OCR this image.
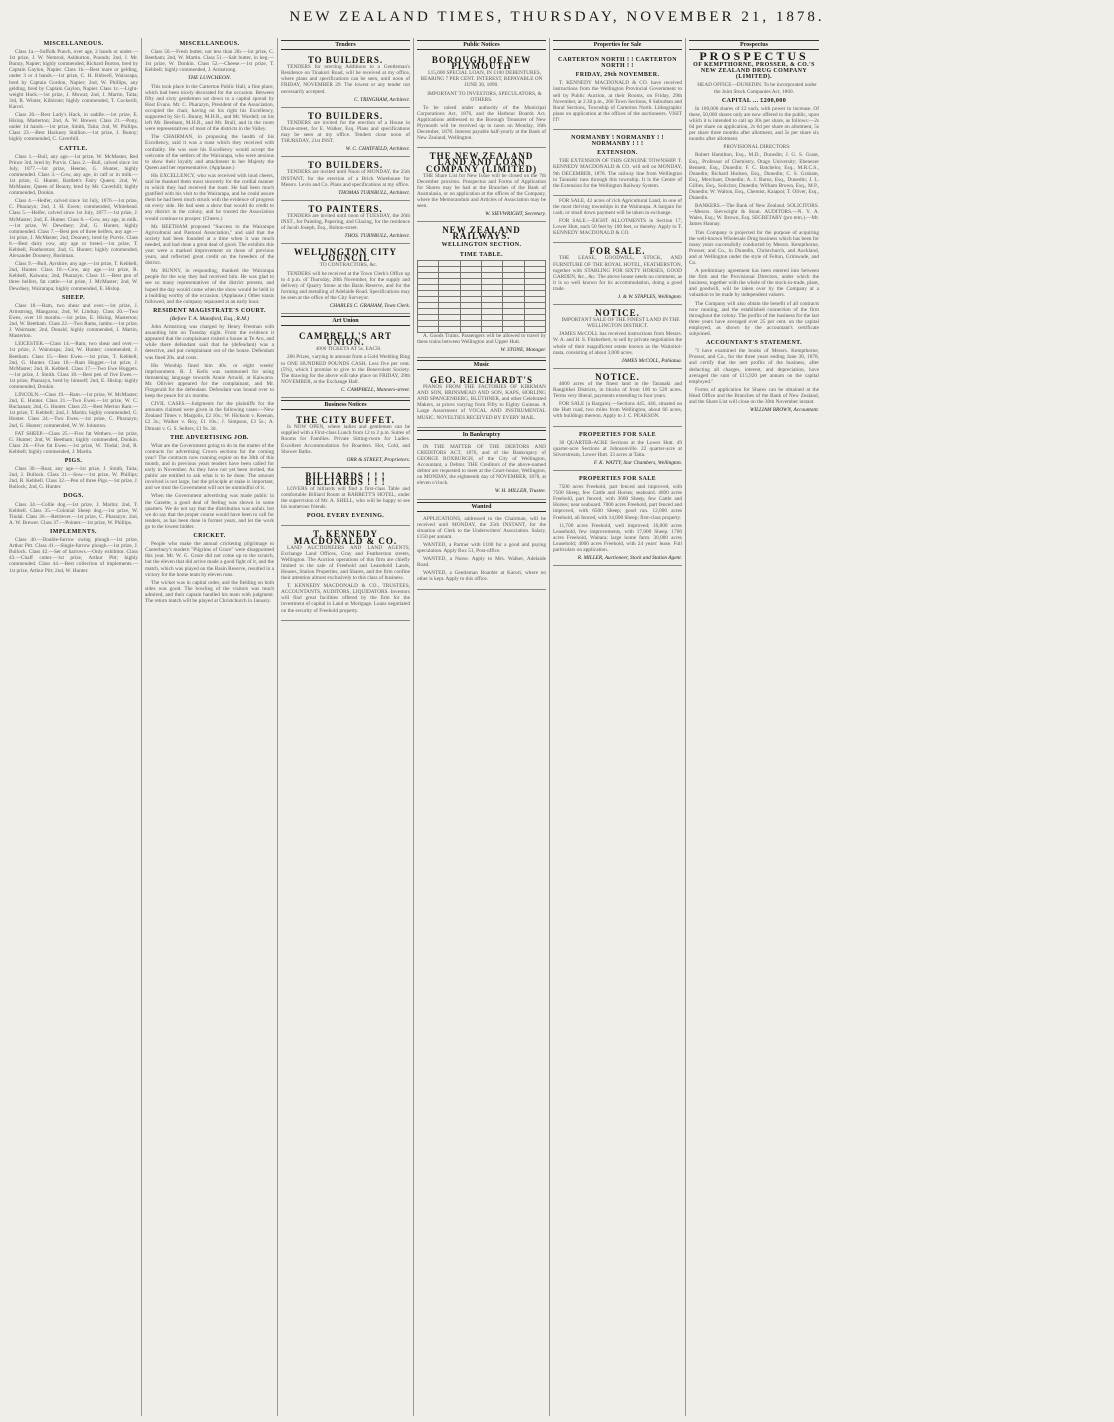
NEW ZEALAND TIMES, THURSDAY, NOVEMBER 21, 1878.
MISCELLANEOUS.

Class 1a.—Suffolk Punch, over age, 2 hands or under.—1st prize, J. W. Nemrod, Ashburton, Pounds; 2nd, J. Mr. Bunny, Napier; highly commended, Richard Burton, bred by Captain Gaylon, Napier. Class 1b.—Best mare or gelding, under 3 or 4 hands.—1st prize, C. H. Bidwell, Wairarapa, bred by Captain Gordon, Napier; 2nd, W. Phillips, any gelding, bred by Captain Gaylon, Napier. Class 1c.—Light-weight Hack.—1st prize, J. Mowat; 2nd, J. Martin, Taita; 3rd, R. Winter, Kilbirnie; highly commended, T. Cockerill, Karori.

Class 20.—Best Lady's Hack, in saddle.—1st prize, E. Hislop, Masterton; 2nd, A. W. Brewer. Class 21.—Pony, under 14 hands.—1st prize, Smith, Taita; 2nd, W. Phillips. Class 23.—Best Hackney Stallion.—1st prize, J. Bunny; highly commended, C. Caverhill.

CATTLE.

Class 1.—Bull, any age.—1st prize, W. McMaster, Red Prince 3rd, bred by Purvis. Class 2.—Bull, calved since 1st July, 1877.—1st prize, Heeme, G. Hunter, highly commended. Class 3.—Cow, any age, in calf or in milk.—1st prize, G. Hunter, Bartlett's Fairy Queen; 2nd, W. McMaster, Queen of Beauty, bred by Mr. Caverhill; highly commended, Donkin.

Class 4.—Heifer, calved since 1st July, 1876.—1st prize, C. Pharazyn; 2nd, J. H. Ewen; commended, Whitehead. Class 5.—Heifer, calved since 1st July, 1877.—1st prize, J. McMaster; 2nd, E. Hunter. Class 6.—Cow, any age, in milk.—1st prize, W. Dewdney; 2nd, G. Hunter, highly commended. Class 7.—Best pen of three heifers, any age.—1st prize, J. McMaster; 2nd, Doonery, bred by Purvis. Class 8.—Best dairy cow, any age or breed.—1st prize, T. Kebbell, Featherston; 2nd, G. Hunter; highly commended, Alexander Doonery, Bushman.

Class 9.—Bull, Ayrshire, any age.—1st prize, T. Kebbell; 2nd, Hunter. Class 10.—Cow, any age.—1st prize, R. Kebbell, Kaiwara; 2nd, Pharazyn. Class 11.—Best pen of three heifers, fat cattle.—1st prize, J. McMaster; 2nd, W. Dewdney, Wairarapa; highly commended, E. Hislop.

SHEEP.

Class 18.—Ram, two shear and over.—1st prize, J. Armstrong, Mangaroa; 2nd, W. Lindsay. Class 20.—Two Ewes, over 18 months.—1st prize, E. Hislop, Masterton; 2nd, W. Beetham. Class 22.—Two Rams, lambs.—1st prize, J. Wairmate; 2nd, Donald, highly commended, J. Martin, Masterton.

LEICESTER.—Class 14.—Ram, two shear and over.—1st prize, J. Wairarapa; 2nd, W. Hunter; commended, J. Beetham. Class 15.—Best Ewes.—1st prize, T. Kebbell; 2nd, G. Hunter. Class 16.—Ram Hogget.—1st prize, J. McMaster; 2nd, R. Kebbell. Class 17.—Two Ewe Hoggets.—1st prize, J. Smith. Class 18.—Best pen of five Ewes.—1st prize, Pharazyn, bred by himself; 2nd, E. Hislop; highly commended, Donkin.

LINCOLN.—Class 19.—Ram.—1st prize, W. McMaster; 2nd, E. Hunter. Class 21.—Two Ewes.—1st prize, W. C. Buchanan; 2nd, G. Hunter. Class 23.—Best Merino Ram.—1st prize, T. Kebbell; 2nd, J. Martin; highly commended, G. Hunter. Class 24.—Two Ewes.—1st prize, C. Pharazyn; 2nd, G. Hunter; commended, W. W. Johnston.

FAT SHEEP.—Class 25.—Five fat Wethers.—1st prize, G. Hunter; 2nd, W. Beetham; highly commended, Donkin. Class 26.—Five fat Ewes.—1st prize, W. Tindal; 2nd, R. Kebbell; highly commended, J. Martin.

PIGS.

Class 30.—Boar, any age.—1st prize, J. Smith, Taita; 2nd, J. Bullock. Class 31.—Sow.—1st prize, W. Phillips; 2nd, R. Kebbell. Class 32.—Pen of three Pigs.—1st prize, J. Bullock; 2nd, G. Hunter.

DOGS.

Class 34.—Collie dog.—1st prize, J. Martin; 2nd, T. Kebbell. Class 35.—Colonial Sheep dog.—1st prize, W. Tindal. Class 36.—Retriever.—1st prize, C. Pharazyn; 2nd, A. W. Brewer. Class 37.—Pointer.—1st prize, W. Phillips.

IMPLEMENTS.

Class 40.—Double-furrow swing plough.—1st prize, Arthur Pitt. Class 41.—Single-furrow plough.—1st prize, J. Bullock. Class 42.—Set of harrows.—Only exhibitor. Class 43.—Chaff cutter.—1st prize, Arthur Pitt; highly commended. Class 44.—Best collection of implements.—1st prize, Arthur Pitt; 2nd, W. Hunter.

MISCELLANEOUS.

Class 50.—Fresh butter, not less than 2lb.—1st prize, C. Beetham; 2nd, W. Martin. Class 51.—Salt butter, in keg.—1st prize, W. Donkin. Class 52.—Cheese.—1st prize, T. Kebbell; highly commended, J. Armstrong.

THE LUNCHEON.

This took place in the Carterton Public Hall, a fine place, which had been nicely decorated for the occasion. Between fifty and sixty gentlemen sat down to a capital spread by Host Evans. Mr. C. Pharazyn, President of the Association, occupied the chair, having on his right his Excellency, supported by Sir G. Bunny, M.H.R., and Mr. Wardell; on his left Mr. Beetham, M.H.R., and Mr. Brall, and in the room were representatives of most of the districts in the Valley.

The CHAIRMAN, in proposing the health of his Excellency, said it was a toast which they received with cordiality. He was sure his Excellency would accept the welcome of the settlers of the Wairarapa, who were anxious to show their loyalty and attachment to her Majesty the Queen and her representative. (Applause.)

His EXCELLENCY, who was received with loud cheers, said he thanked them most sincerely for the cordial manner in which they had received the toast. He had been much gratified with his visit to the Wairarapa, and he could assure them he had been much struck with the evidence of progress on every side. He had seen a show that would do credit to any district in the colony, and he trusted the Association would continue to prosper. (Cheers.)

Mr. BEETHAM proposed "Success to the Wairarapa Agricultural and Pastoral Association," and said that the society had been founded at a time when it was much needed, and had done a great deal of good. The exhibits this year were a marked improvement on those of previous years, and reflected great credit on the breeders of the district.

Mr. BUNNY, in responding, thanked the Wairarapa people for the way they had received him. He was glad to see so many representatives of the district present, and hoped the day would come when the show would be held in a building worthy of the occasion. (Applause.) Other toasts followed, and the company separated at an early hour.

RESIDENT MAGISTRATE'S COURT.
(Before T. A. Mansford, Esq., R.M.)

John Armstrong was charged by Henry Freeman with assaulting him on Tuesday night. From the evidence it appeared that the complainant visited a house at Te Aro, and while there defendant said that he (defendant) was a detective, and put complainant out of the house. Defendant was fined 20s. and costs.

His Worship fined him 40s. or eight weeks' imprisonment. R. J. Kells was summoned for using threatening language towards Annie Arnold, at Kaiwarra. Mr. Ollivier appeared for the complainant, and Mr. Fitzgerald for the defendant. Defendant was bound over to keep the peace for six months.

CIVIL CASES.—Judgments for the plaintiffs for the amounts claimed were given in the following cases:—New Zealand Times v. Margolis, £2 16s.; W. Hickson v. Keenan, £2 3s.; Walker v. Roy, £1 10s.; J. Simpson, £3 5s.; A. Dimant v. G. S. Sellers, £1 9s. 3d.

THE ADVERTISING JOB.

What are the Government going to do in the matter of the contracts for advertising Crown sections for the coming year? The contracts now running expire on the 30th of this month, and in previous years tenders have been called for early in November. As they have not yet been invited, the public are entitled to ask what is to be done. The amount involved is not large, but the principle at stake is important, and we trust the Government will not be unmindful of it.

When the Government advertising was made public in the Gazette, a good deal of feeling was shown in some quarters. We do not say that the distribution was unfair, but we do say that the proper course would have been to call for tenders, as has been done in former years, and let the work go to the lowest bidder.

CRICKET.

People who make the annual cricketing pilgrimage to Canterbury's modern "Pilgrims of Grace" were disappointed this year. Mr. W. G. Grace did not come up to the scratch, but the eleven that did arrive made a good fight of it, and the match, which was played on the Basin Reserve, resulted in a victory for the home team by eleven runs.

The wicket was in capital order, and the fielding on both sides was good. The bowling of the visitors was much admired, and their captain handled his team with judgment. The return match will be played at Christchurch in January.

Tenders
TO BUILDERS.

TENDERS for erecting Additions to a Gentleman's Residence on Tinakori Road, will be received at my office, where plans and specifications can be seen, until noon of FRIDAY, NOVEMBER 29. The lowest or any tender not necessarily accepted.

C. TRINGHAM, Architect.
TO BUILDERS.

TENDERS are invited for the erection of a House in Dixon-street, for E. Walker, Esq. Plans and specifications may be seen at my office. Tenders close noon of THURSDAY, 21st INST.

W. C. CHATFIELD, Architect.
TO BUILDERS.

TENDERS are invited until Noon of MONDAY, the 25th INSTANT, for the erection of a Brick Warehouse for Messrs. Levin and Co. Plans and specifications at my office.

THOMAS TURNBULL, Architect.
TO PAINTERS.

TENDERS are invited until noon of TUESDAY, the 26th INST., for Painting, Papering, and Glazing, for the residence of Jacob Joseph, Esq., Bolton-street.

THOS. TURNBULL, Architect.
WELLINGTON CITY COUNCIL

TO CONTRACTORS, &c.

TENDERS will be received at the Town Clerk's Office up to 4 p.m. of Thursday, 28th November, for the supply and delivery of Quarry Stone at the Basin Reserve, and for the forming and metalling of Adelaide Road. Specifications may be seen at the office of the City Surveyor.

CHARLES C. GRAHAM, Town Clerk.
Art Union
CAMPBELL'S ART UNION.

4000 TICKETS AT 5s. EACH.

266 Prizes, varying in amount from a Gold Wedding Ring to ONE HUNDRED POUNDS CASH. Less five per cent. (5%), which I promise to give to the Benevolent Society. The drawing for the above will take place on FRIDAY, 29th NOVEMBER, at the Exchange Hall.

C. CAMPBELL, Manners-street.
Business Notices
THE CITY BUFFET.

Is NOW OPEN, where ladies and gentlemen can be supplied with a First-class Lunch from 12 to 2 p.m. Suites of Rooms for Families. Private Sitting-room for Ladies. Excellent Accommodation for Boarders. Hot, Cold, and Shower Baths.

ORR & STREET, Proprietors.
BILLIARDS ! ! ! BILLIARDS ! ! !

LOVERS of billiards will find a first-class Table and comfortable Billiard Room at BARRETT'S HOTEL, under the supervision of Mr. A. SHELL, who will be happy to see his numerous friends.

POOL EVERY EVENING.
T. KENNEDY MACDONALD & CO.

LAND AUCTIONEERS AND LAND AGENTS, Exchange Land Offices, Gray and Featherston streets, Wellington. The Auction operations of this firm are chiefly limited to the sale of Freehold and Leasehold Lands, Houses, Station Properties, and Shares, and the firm confine their attention almost exclusively to this class of business.

T. KENNEDY MACDONALD & CO., TRUSTEES, ACCOUNTANTS, AUDITORS, LIQUIDATORS. Investors will find great facilities offered by the firm for the investment of capital in Land or Mortgage. Loans negotiated on the security of Freehold property.

Public Notices
BOROUGH OF NEW PLYMOUTH

£15,000 SPECIAL LOAN, IN £100 DEBENTURES, BEARING 7 PER CENT. INTEREST, REPAYABLE ON JUNE 30, 1890.

IMPORTANT TO INVESTORS, SPECULATORS, & OTHERS.

To be raised under authority of the Municipal Corporations Act, 1876, and the Harbour Boards Act. Applications addressed to the Borough Treasurer of New Plymouth will be received up to noon on Monday, 16th December, 1878. Interest payable half-yearly at the Bank of New Zealand, Wellington.

THE NEW ZEALAND LAND AND LOAN COMPANY (LIMITED)

THE Share List for New Issue will be closed on the 7th December proximo. Prospectus and Forms of Application for Shares may be had at the Branches of the Bank of Australasia, or on application at the offices of the Company, where the Memorandum and Articles of Association may be seen.

W. SIEVWRIGHT, Secretary.
NEW ZEALAND RAILWAYS.
WELLINGTON SECTION.
TIME TABLE.

A. Goods Trains. Passengers will be allowed to travel by these trains between Wellington and Upper Hutt.

W. STONE, Manager.
Music
GEO. REICHARDT'S

PIANOS FROM THE FACTORIES OF KIRKMAN AND SON, BRINSMEAD AND SON, KAPS, HORLING AND SPANGENBERG, BLÜTHNER, and other Celebrated Makers, at prices varying from Fifty to Eighty Guineas. A Large Assortment of VOCAL AND INSTRUMENTAL MUSIC. NOVELTIES RECEIVED BY EVERY MAIL.

In Bankruptcy

IN THE MATTER OF THE DEBTORS AND CREDITORS ACT, 1876, and of the Bankruptcy of GEORGE ROXBURGH, of the City of Wellington, Accountant, a Debtor. THE Creditors of the above-named debtor are requested to meet at the Court-house, Wellington, on MONDAY, the eighteenth day of NOVEMBER, 1878, at eleven o'clock.

W. H. MILLER, Trustee.
Wanted

APPLICATIONS, addressed to the Chairman, will be received until MONDAY, the 25th INSTANT, for the situation of Clerk to the Underwriters' Association. Salary, £150 per annum.

WANTED, a Partner with £100 for a good and paying speculation. Apply Box 51, Post-office.

WANTED, a Nurse. Apply to Mrs. Walker, Adelaide Road.

WANTED, a Gentleman Boarder at Karori, where no other is kept. Apply to this office.

Properties for Sale
CARTERTON NORTH ! ! CARTERTON NORTH ! !
FRIDAY, 29th NOVEMBER.

T. KENNEDY MACDONALD & CO. have received instructions from the Wellington Provincial Government to sell by Public Auction, at their Rooms, on Friday, 29th November, at 2.30 p.m., 266 Town Sections, 8 Suburban and Rural Sections, Township of Carterton North. Lithographic plans on application at the offices of the auctioneers. VISIT IT!

NORMANBY ! NORMANBY ! ! NORMANBY ! ! !
EXTENSION.

THE EXTENSION OF THIS GENUINE TOWNSHIP. T. KENNEDY MACDONALD & CO. will sell on MONDAY, 9th DECEMBER, 1878. The railway line from Wellington to Taranaki runs through this township. It is the Centre of the Extension for the Wellington Railway System.

FOR SALE, 42 acres of rich Agricultural Land, in one of the most thriving townships in the Wairarapa. A bargain for cash; or small down payment will be taken in exchange.

FOR SALE.—EIGHT ALLOTMENTS in Section 17, Lower Hutt, each 50 feet by 100 feet, or thereby. Apply to T. KENNEDY MACDONALD & CO.

FOR SALE.

THE LEASE, GOODWILL, STOCK, AND FURNITURE OF THE ROYAL HOTEL, FEATHERSTON, together with STABLING FOR SIXTY HORSES, GOOD GARDEN, &c., &c. The above house needs no comment, as it is so well known for its accommodation, doing a good trade.

J. & W. STAPLES, Wellington.
NOTICE.

IMPORTANT SALE OF THE FINEST LAND IN THE WELLINGTON DISTRICT.

JAMES McCOLL has received instructions from Messrs. W. A. and H. S. Fitzherbert, to sell by private negotiation the whole of their magnificent estate known as the Waitoitoi-mata, consisting of about 3,000 acres.

JAMES McCOLL, Pahiatua.
NOTICE.

4000 acres of the finest land in the Taranaki and Rangitikei Districts, in blocks of from 100 to 520 acres. Terms very liberal, payments extending to four years.

FOR SALE (a Bargain).—Sections 445, 446, situated on the Hutt road, two miles from Wellington, about 66 acres, with buildings thereon. Apply to J. C. PEAKSON.

PROPERTIES FOR SALE

30 QUARTER-ACRE Sections at the Lower Hutt. 49 quarter-acre Sections at Johnsonville. 22 quarter-acre at Silverstream, Lower Hutt. 33 acres at Taita.

F. K. WATTY, Star Chambers, Wellington.
PROPERTIES FOR SALE

7500 acres Freehold, part fenced and improved, with 7500 Sheep, few Cattle and Horses; seaboard. 4000 acres Freehold, part fenced, with 3600 Sheep, few Cattle and Horses; near seaboard. 7000 acres Freehold, part fenced and improved, with 6500 Sheep; good run. 12,000 acres Freehold, all fenced, with 14,000 Sheep; first-class property.

11,700 acres Freehold, well improved; 16,000 acres Leasehold, few improvements, with 17,000 Sheep. 1700 acres Freehold, Waitara; large home farm. 30,000 acres Leasehold; 4000 acres Freehold, with 24 years' lease. Full particulars on application.

R. MILLER, Auctioneer, Stock and Station Agent.
Prospectus
PROSPECTUS
OF KEMPTHORNE, PROSSER, & CO.'S NEW ZEALAND DRUG COMPANY (LIMITED).

HEAD OFFICE—DUNEDIN. To be incorporated under the Joint Stock Companies Act, 1860.

CAPITAL ... £200,000

In 100,000 shares of £2 each, with power to increase. Of these, 50,000 shares only are now offered to the public, upon which it is intended to call up 30s per share, as follows:—2s 6d per share on application, 2s 6d per share on allotment, 5s per share three months after allotment, and 5s per share six months after allotment.

PROVISIONAL DIRECTORS:

Robert Hamilton, Esq., M.D., Dunedin; J. G. S. Grant, Esq., Professor of Chemistry, Otago University; Ebenezer Bennett, Esq., Dunedin; F. C. Batchelor, Esq., M.R.C.S., Dunedin; Richard Hudson, Esq., Dunedin; C. S. Graham, Esq., Merchant, Dunedin; A. J. Burns, Esq., Dunedin; J. L. Gillies, Esq., Solicitor, Dunedin; William Brown, Esq., M.P., Dunedin; W. Walton, Esq., Chemist, Kaiapoi; T. Oliver, Esq., Dunedin.

BANKERS.—The Bank of New Zealand. SOLICITORS.—Messrs. Sievwright & Stout. AUDITORS.—N. Y. A. Wales, Esq.; W. Brown, Esq. SECRETARY (pro tem.).—Mr. James Hannay.

This Company is projected for the purpose of acquiring the well-known Wholesale Drug business which has been for many years successfully conducted by Messrs. Kempthorne, Prosser, and Co., in Dunedin, Christchurch, and Auckland, and at Wellington under the style of Felton, Grimwade, and Co.

A preliminary agreement has been entered into between the firm and the Provisional Directors, under which the business, together with the whole of the stock-in-trade, plant, and goodwill, will be taken over by the Company at a valuation to be made by independent valuers.

The Company will also obtain the benefit of all contracts now running, and the established connection of the firm throughout the colony. The profits of the business for the last three years have averaged over 25 per cent. on the capital employed, as shown by the accountant's certificate subjoined.

ACCOUNTANT'S STATEMENT.

"I have examined the books of Messrs. Kempthorne, Prosser, and Co., for the three years ending June 30, 1878, and certify that the nett profits of the business, after deducting all charges, interest, and depreciation, have averaged the sum of £15,920 per annum on the capital employed."

Forms of application for Shares can be obtained at the Head Office and the Branches of the Bank of New Zealand, and the Share List will close on the 30th November instant.

WILLIAM BROWN, Accountant.
